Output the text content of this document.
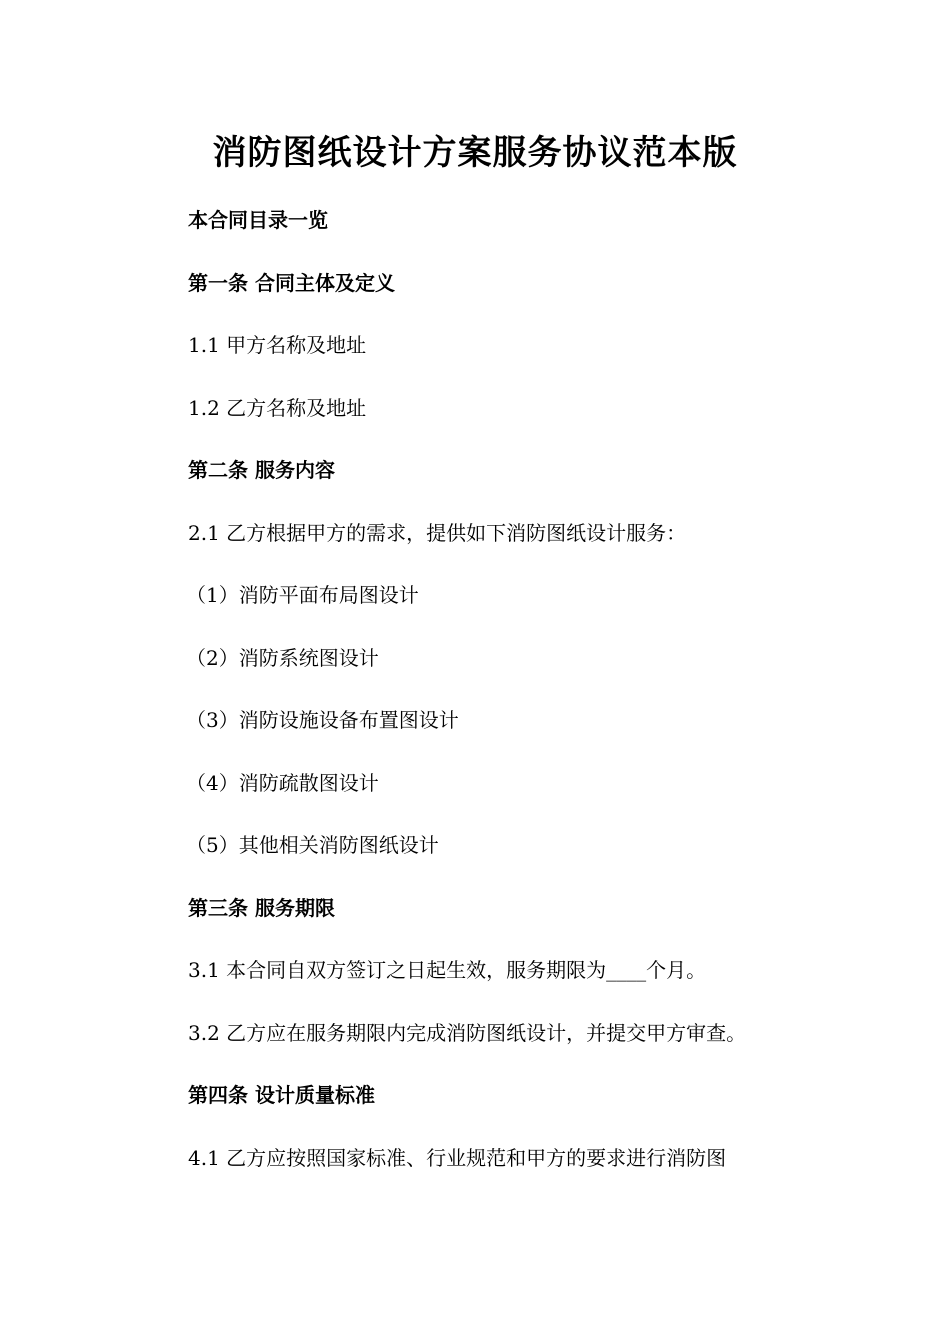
消防图纸设计方案服务协议范本版
本合同目录一览
第一条 合同主体及定义
1.1 甲方名称及地址
1.2 乙方名称及地址
第二条 服务内容
2.1 乙方根据甲方的需求，提供如下消防图纸设计服务：
（1）消防平面布局图设计
（2）消防系统图设计
（3）消防设施设备布置图设计
（4）消防疏散图设计
（5）其他相关消防图纸设计
第三条 服务期限
3.1 本合同自双方签订之日起生效，服务期限为____个月。
3.2 乙方应在服务期限内完成消防图纸设计，并提交甲方审查。
第四条 设计质量标准
4.1 乙方应按照国家标准、行业规范和甲方的要求进行消防图
